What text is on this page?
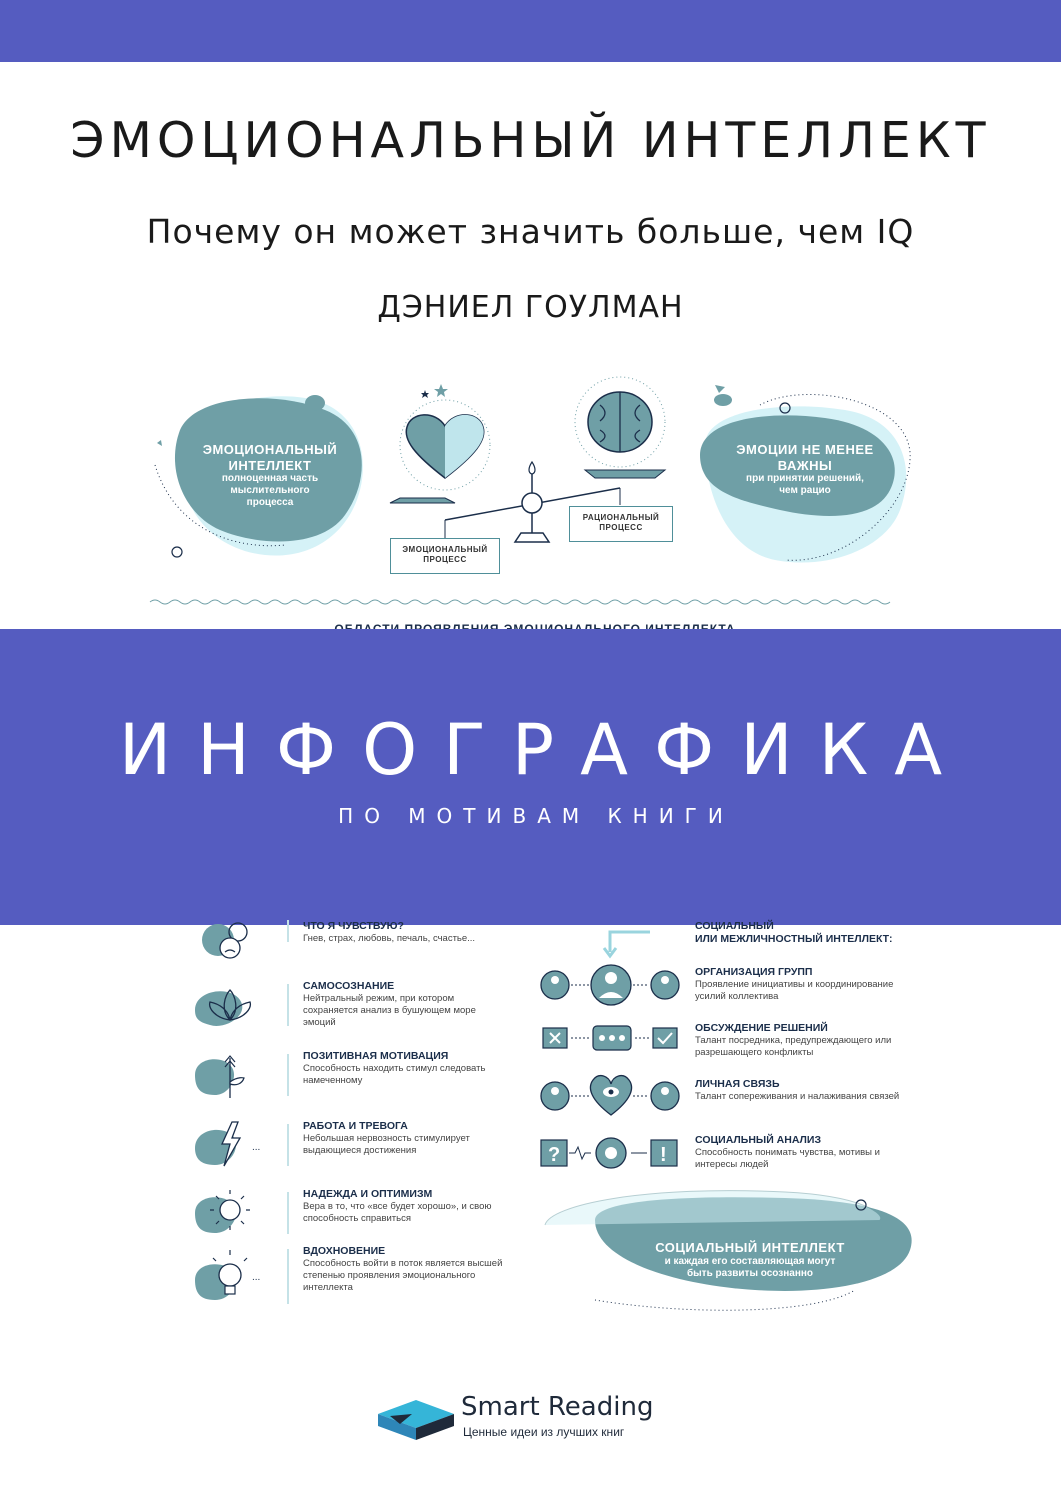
ЭМОЦИОНАЛЬНЫЙ ИНТЕЛЛЕКТ
Почему он может значить больше, чем IQ
ДЭНИЕЛ ГОУЛМАН
ЭМОЦИОНАЛЬНЫЙ
ИНТЕЛЛЕКТ
полноценная часть
мыслительного
процесса
ЭМОЦИИ НЕ МЕНЕЕ
ВАЖНЫ
при принятии решений,
чем рацио
ЭМОЦИОНАЛЬНЫЙ
ПРОЦЕСС
РАЦИОНАЛЬНЫЙ
ПРОЦЕСС
ИНФОГРАФИКА
ПО МОТИВАМ КНИГИ
ЧТО Я ЧУВСТВУЮ?
Гнев, страх, любовь, печаль, счастье...
САМОСОЗНАНИЕ
Нейтральный режим, при котором сохраняется анализ в бушующем море эмоций
ПОЗИТИВНАЯ МОТИВАЦИЯ
Способность находить стимул следовать намеченному
...
РАБОТА И ТРЕВОГА
Небольшая нервозность стимулирует выдающиеся достижения
НАДЕЖДА И ОПТИМИЗМ
Вера в то, что «все будет хорошо», и свою способность справиться
...
ВДОХНОВЕНИЕ
Способность войти в поток является высшей степенью проявления эмоционального интеллекта
?	!
СОЦИАЛЬНЫЙ
ИЛИ МЕЖЛИЧНОСТНЫЙ ИНТЕЛЛЕКТ:
ОРГАНИЗАЦИЯ ГРУПП
Проявление инициативы и координирование усилий коллектива
ОБСУЖДЕНИЕ РЕШЕНИЙ
Талант посредника, предупреждающего или разрешающего конфликты
ЛИЧНАЯ СВЯЗЬ
Талант сопереживания и налаживания связей
СОЦИАЛЬНЫЙ АНАЛИЗ
Способность понимать чувства, мотивы и интересы людей
СОЦИАЛЬНЫЙ ИНТЕЛЛЕКТ
и каждая его составляющая могут
быть развиты осознанно
Smart Reading
Ценные идеи из лучших книг
